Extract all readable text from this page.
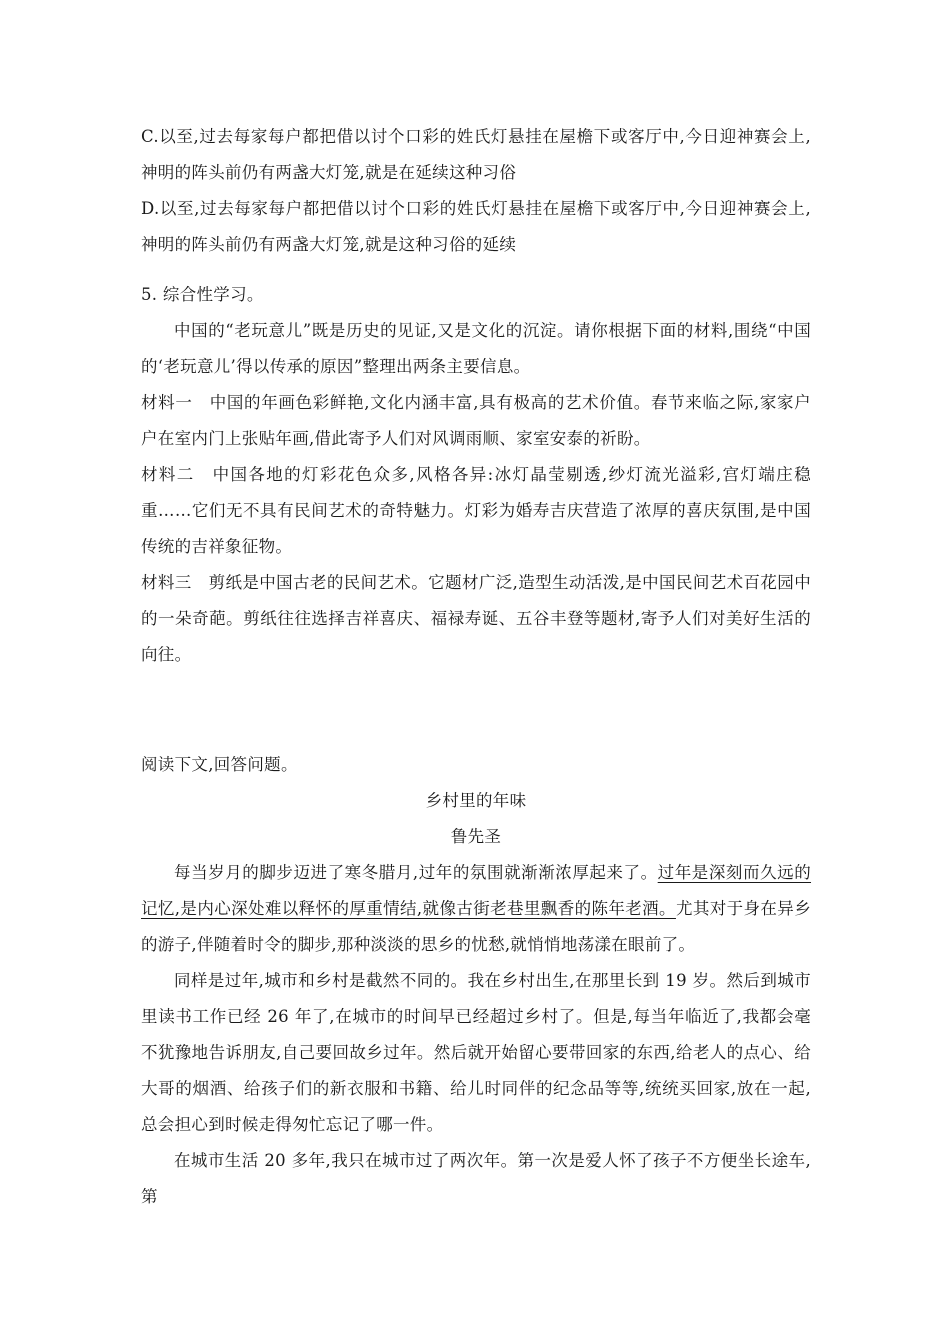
C.以至,过去每家每户都把借以讨个口彩的姓氏灯悬挂在屋檐下或客厅中,今日迎神赛会上,神明的阵头前仍有两盏大灯笼,就是在延续这种习俗

D.以至,过去每家每户都把借以讨个口彩的姓氏灯悬挂在屋檐下或客厅中,今日迎神赛会上,神明的阵头前仍有两盏大灯笼,就是这种习俗的延续

5. 综合性学习。

中国的“老玩意儿”既是历史的见证,又是文化的沉淀。请你根据下面的材料,围绕“中国的‘老玩意儿’得以传承的原因”整理出两条主要信息。

材料一　中国的年画色彩鲜艳,文化内涵丰富,具有极高的艺术价值。春节来临之际,家家户户在室内门上张贴年画,借此寄予人们对风调雨顺、家室安泰的祈盼。

材料二　中国各地的灯彩花色众多,风格各异:冰灯晶莹剔透,纱灯流光溢彩,宫灯端庄稳重……它们无不具有民间艺术的奇特魅力。灯彩为婚寿吉庆营造了浓厚的喜庆氛围,是中国传统的吉祥象征物。

材料三　剪纸是中国古老的民间艺术。它题材广泛,造型生动活泼,是中国民间艺术百花园中的一朵奇葩。剪纸往往选择吉祥喜庆、福禄寿诞、五谷丰登等题材,寄予人们对美好生活的向往。

阅读下文,回答问题。

乡村里的年味

鲁先圣

每当岁月的脚步迈进了寒冬腊月,过年的氛围就渐渐浓厚起来了。过年是深刻而久远的记忆,是内心深处难以释怀的厚重情结,就像古街老巷里飘香的陈年老酒。尤其对于身在异乡的游子,伴随着时令的脚步,那种淡淡的思乡的忧愁,就悄悄地荡漾在眼前了。

同样是过年,城市和乡村是截然不同的。我在乡村出生,在那里长到 19 岁。然后到城市里读书工作已经 26 年了,在城市的时间早已经超过乡村了。但是,每当年临近了,我都会毫不犹豫地告诉朋友,自己要回故乡过年。然后就开始留心要带回家的东西,给老人的点心、给大哥的烟酒、给孩子们的新衣服和书籍、给儿时同伴的纪念品等等,统统买回家,放在一起,总会担心到时候走得匆忙忘记了哪一件。

在城市生活 20 多年,我只在城市过了两次年。第一次是爱人怀了孩子不方便坐长途车,第
